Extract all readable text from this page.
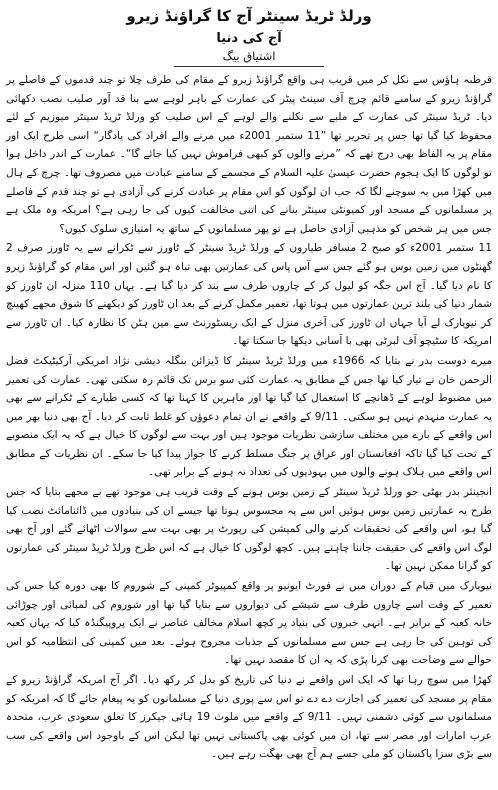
ورلڈ ٹریڈ سینٹر آج کا گراؤنڈ زیرو
آج کی دنیا
اشتیاق بیگ

قرطبہ ہاؤس سے نکل کر میں قریب ہی واقع گراؤنڈ زیرو کے مقام کی طرف چلا تو چند قدموں کے فاصلے پر گراؤنڈ زیرو کے سامنے قائم چرچ آف سینٹ پیٹر کی عمارت کے باہر لوہے سے بنا قد آور صلیب نصب دکھائی دیا۔ ٹریڈ سینٹر کی عمارت کے ملبے سے نکلنے والے لوہے کے اس صلیب کو ورلڈ ٹریڈ سینٹر میوزیم کے لئے محفوظ کیا گیا تھا جس پر تحریر تھا ”11 ستمبر 2001ء میں مرنے والے افراد کی یادگار“ اسی طرح ایک اور مقام پر یہ الفاظ بھی درج تھے کہ ”مرنے والوں کو کبھی فراموش نہیں کیا جائے گا“۔ عمارت کے اندر داخل ہوا تو لوگوں کا ایک ہجوم حضرت عیسیٰ علیہ السلام کے مجسمے کے سامنے عبادت میں مصروف تھا۔ چرچ کے ہال میں کھڑا میں یہ سوچنے لگا کہ جب ان لوگوں کو اس مقام پر عبادت کرنے کی آزادی ہے تو چند قدم کے فاصلے پر مسلمانوں کے مسجد اور کمیونٹی سینٹر بنانے کی اتنی مخالفت کیوں کی جا رہی ہے؟ امریکہ وہ ملک ہے جس میں ہر شخص کو مذہبی آزادی حاصل ہے تو پھر مسلمانوں کے ساتھ یہ امتیازی سلوک کیوں؟

11 ستمبر 2001ء کو صبح 2 مسافر طیاروں کے ورلڈ ٹریڈ سینٹر کے ٹاورز سے ٹکرانے سے یہ ٹاورز صرف 2 گھنٹوں میں زمین بوس ہو گئے جس سے آس پاس کی عمارتیں بھی تباہ ہو گئیں اور اس مقام کو گراؤنڈ زیرو کا نام دیا گیا۔ آج اس جگہ کو لیول کر کے چاروں طرف سے بند کر دیا گیا ہے۔ یہاں 110 منزلہ ان ٹاورز کو شمار دنیا کی بلند ترین عمارتوں میں ہوتا تھا، تعمیر مکمل کرنے کے بعد ان ٹاورز کو دیکھنے کا شوق مجھے کھینچ کر نیویارک لے آیا جہاں ان ٹاورز کی آخری منزل کے ایک ریسٹورنٹ سے مین ہٹن کا نظارہ کیا۔ ان ٹاورز سے امریکہ کا سٹیچو آف لبرٹی بھی با آسانی دیکھا جا سکتا تھا۔

میرے دوست بدر نے بتایا کہ 1966ء میں ورلڈ ٹریڈ سینٹر کا ڈیزائن بنگلہ دیشی نژاد امریکی آرکیٹیکٹ فضل الرحمن خان نے تیار کیا تھا جس کے مطابق یہ عمارت کئی سو برس تک قائم رہ سکتی تھی۔ عمارت کی تعمیر میں مضبوط لوہے کے ڈھانچے کا استعمال کیا گیا تھا اور ماہرین کا کہنا تھا کہ کسی طیارے کے ٹکرانے سے بھی یہ عمارت منہدم نہیں ہو سکتی۔ 9/11 کے واقعے نے ان تمام دعوؤں کو غلط ثابت کر دیا۔ آج بھی دنیا بھر میں اس واقعے کے بارے میں مختلف سازشی نظریات موجود ہیں اور بہت سے لوگوں کا خیال ہے کہ یہ ایک منصوبے کے تحت کیا گیا تاکہ افغانستان اور عراق پر جنگ مسلط کرنے کا جواز پیدا کیا جا سکے۔ ان نظریات کے مطابق اس واقعے میں ہلاک ہونے والوں میں یہودیوں کی تعداد نہ ہونے کے برابر تھی۔

انجینئر بدر بھٹی جو ورلڈ ٹریڈ سینٹر کے زمین بوس ہونے کے وقت قریب ہی موجود تھے نے مجھے بتایا کہ جس طرح یہ عمارتیں زمین بوس ہوئیں اس سے یہ محسوس ہوتا تھا جیسے ان کی بنیادوں میں ڈائنامائٹ نصب کیا گیا ہو، اس واقعے کی تحقیقات کرنے والی کمیشن کی رپورٹ پر بھی بہت سے سوالات اٹھائے گئے اور آج بھی لوگ اس واقعے کی حقیقت جاننا چاہتے ہیں۔ کچھ لوگوں کا خیال ہے کہ اس طرح ورلڈ ٹریڈ سینٹر کی عمارتوں کو گرانا ممکن نہیں تھا۔

نیویارک میں قیام کے دوران میں نے فورٹ ایونیو پر واقع کمپیوٹر کمپنی کے شوروم کا بھی دورہ کیا جس کی تعمیر کے وقت اسے چاروں طرف سے شیشے کی دیواروں سے بنایا گیا تھا اور شوروم کی لمبائی اور چوڑائی خانہ کعبہ کے برابر ہے۔ انہی خبروں کی بنیاد پر کچھ اسلام مخالف عناصر نے ایک پروپیگنڈہ کیا کہ یہاں کعبہ کی توہین کی جا رہی ہے جس سے مسلمانوں کے جذبات مجروح ہوئے۔ بعد میں کمپنی کی انتظامیہ کو اس حوالے سے وضاحت بھی کرنا پڑی کہ یہ ان کا مقصد نہیں تھا۔

کھڑا میں سوچ رہا تھا کہ ایک اس واقعے نے دنیا کی تاریخ کو بدل کر رکھ دیا۔ اگر آج امریکہ گراؤنڈ زیرو کے مقام پر مسجد کی تعمیر کی اجازت دے دے تو اس سے پوری دنیا کے مسلمانوں کو یہ پیغام جائے گا کہ امریکہ کو مسلمانوں سے کوئی دشمنی نہیں۔ 9/11 کے واقعے میں ملوث 19 ہائی جیکرز کا تعلق سعودی عرب، متحدہ عرب امارات اور مصر سے تھا، ان میں کوئی بھی پاکستانی نہیں تھا لیکن اس کے باوجود اس واقعے کی سب سے بڑی سزا پاکستان کو ملی جسے ہم آج بھی بھگت رہے ہیں۔
